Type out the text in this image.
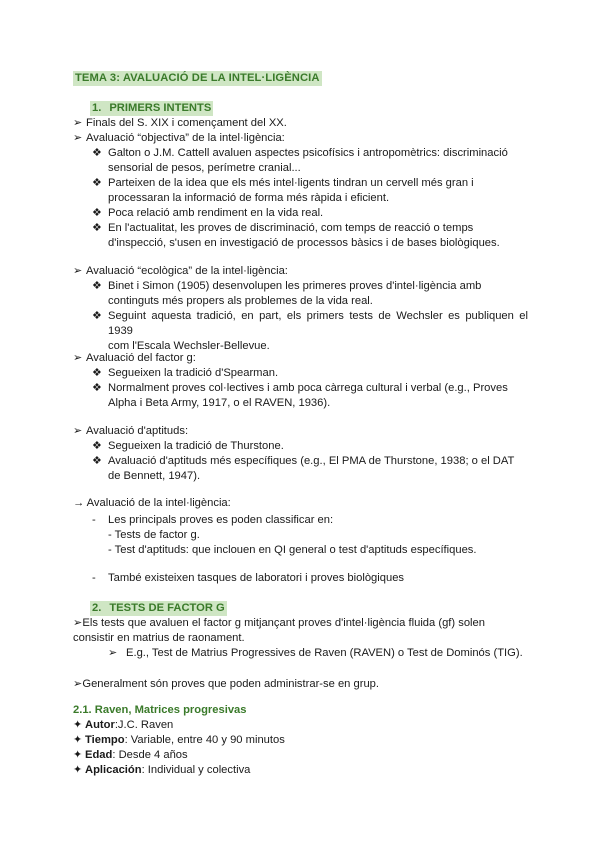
TEMA 3: AVALUACIÓ DE LA INTEL·LIGÈNCIA
1. PRIMERS INTENTS
➢ Finals del S. XIX i començament del XX.
➢ Avaluació “objectiva” de la intel·ligència:
❖ Galton o J.M. Cattell avaluen aspectes psicofísics i antropomètrics: discriminació
sensorial de pesos, perímetre cranial...
❖ Parteixen de la idea que els més intel·ligents tindran un cervell més gran i
processaran la informació de forma més ràpida i eficient.
❖ Poca relació amb rendiment en la vida real.
❖ En l'actualitat, les proves de discriminació, com temps de reacció o temps
d'inspecció, s'usen en investigació de processos bàsics i de bases biològiques.
➢ Avaluació “ecològica” de la intel·ligència:
❖ Binet i Simon (1905) desenvolupen les primeres proves d'intel·ligència amb
continguts més propers als problemes de la vida real.
❖ Seguint aquesta tradició, en part, els primers tests de Wechsler es publiquen el 1939
com l'Escala Wechsler-Bellevue.
➢ Avaluació del factor g:
❖ Segueixen la tradició d'Spearman.
❖ Normalment proves col·lectives i amb poca càrrega cultural i verbal (e.g., Proves
Alpha i Beta Army, 1917, o el RAVEN, 1936).
➢ Avaluació d'aptituds:
❖ Segueixen la tradició de Thurstone.
❖ Avaluació d'aptituds més específiques (e.g., El PMA de Thurstone, 1938; o el DAT
de Bennett, 1947).
→ Avaluació de la intel·ligència:
- Les principals proves es poden classificar en:
- Tests de factor g.
- Test d'aptituds: que inclouen en QI general o test d'aptituds específiques.
- També existeixen tasques de laboratori i proves biològiques
2. TESTS DE FACTOR G
➢Els tests que avaluen el factor g mitjançant proves d'intel·ligència fluida (gf) solen
consistir en matrius de raonament.
➢ E.g., Test de Matrius Progressives de Raven (RAVEN) o Test de Dominós (TIG).
➢Generalment són proves que poden administrar-se en grup.
2.1. Raven, Matrices progresivas
✦ Autor:J.C. Raven
✦ Tiempo: Variable, entre 40 y 90 minutos
✦ Edad: Desde 4 años
✦ Aplicación: Individual y colectiva
